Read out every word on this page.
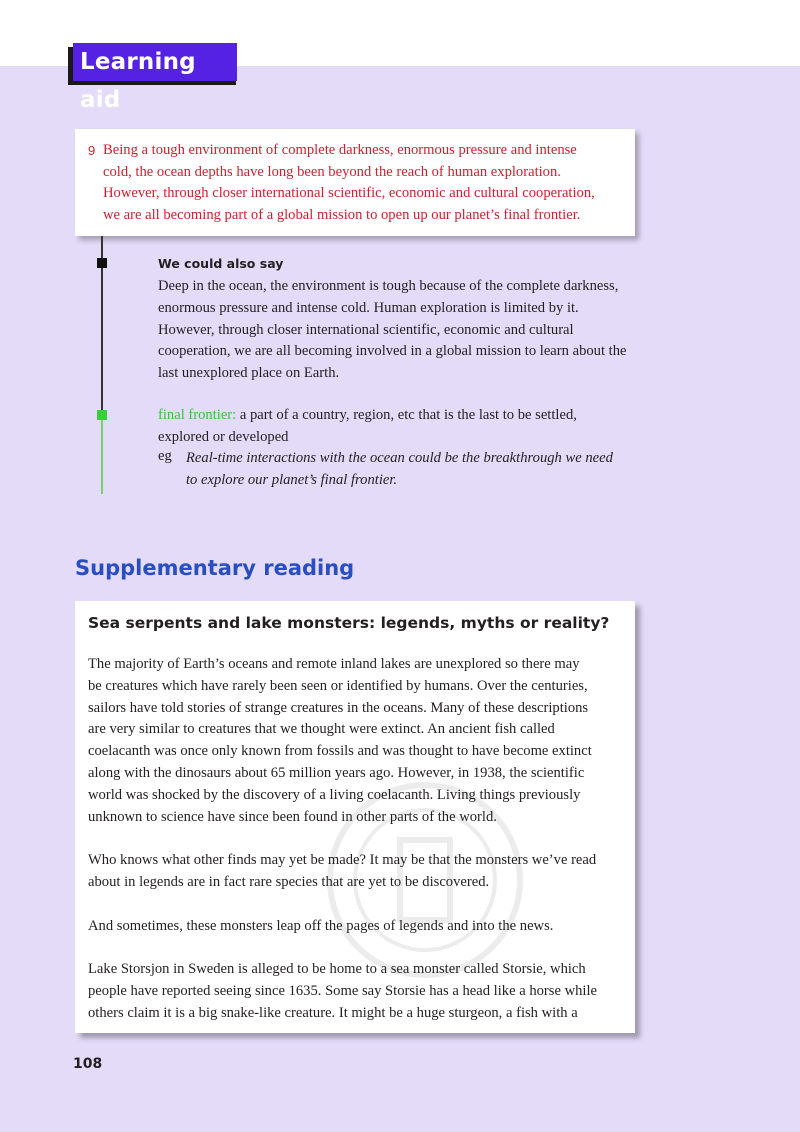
Learning aid
9 Being a tough environment of complete darkness, enormous pressure and intense
cold, the ocean depths have long been beyond the reach of human exploration.
However, through closer international scientific, economic and cultural cooperation,
we are all becoming part of a global mission to open up our planet’s final frontier.
We could also say
Deep in the ocean, the environment is tough because of the complete darkness,
enormous pressure and intense cold. Human exploration is limited by it.
However, through closer international scientific, economic and cultural
cooperation, we are all becoming involved in a global mission to learn about the
last unexplored place on Earth.
final frontier: a part of a country, region, etc that is the last to be settled,
explored or developed
eg Real-time interactions with the ocean could be the breakthrough we need
to explore our planet’s final frontier.
Supplementary reading
Sea serpents and lake monsters: legends, myths or reality?
The majority of Earth’s oceans and remote inland lakes are unexplored so there may
be creatures which have rarely been seen or identified by humans. Over the centuries,
sailors have told stories of strange creatures in the oceans. Many of these descriptions
are very similar to creatures that we thought were extinct. An ancient fish called
coelacanth was once only known from fossils and was thought to have become extinct
along with the dinosaurs about 65 million years ago. However, in 1938, the scientific
world was shocked by the discovery of a living coelacanth. Living things previously
unknown to science have since been found in other parts of the world.
Who knows what other finds may yet be made? It may be that the monsters we’ve read
about in legends are in fact rare species that are yet to be discovered.
And sometimes, these monsters leap off the pages of legends and into the news.
Lake Storsjon in Sweden is alleged to be home to a sea monster called Storsie, which
people have reported seeing since 1635. Some say Storsie has a head like a horse while
others claim it is a big snake-like creature. It might be a huge sturgeon, a fish with a
108
